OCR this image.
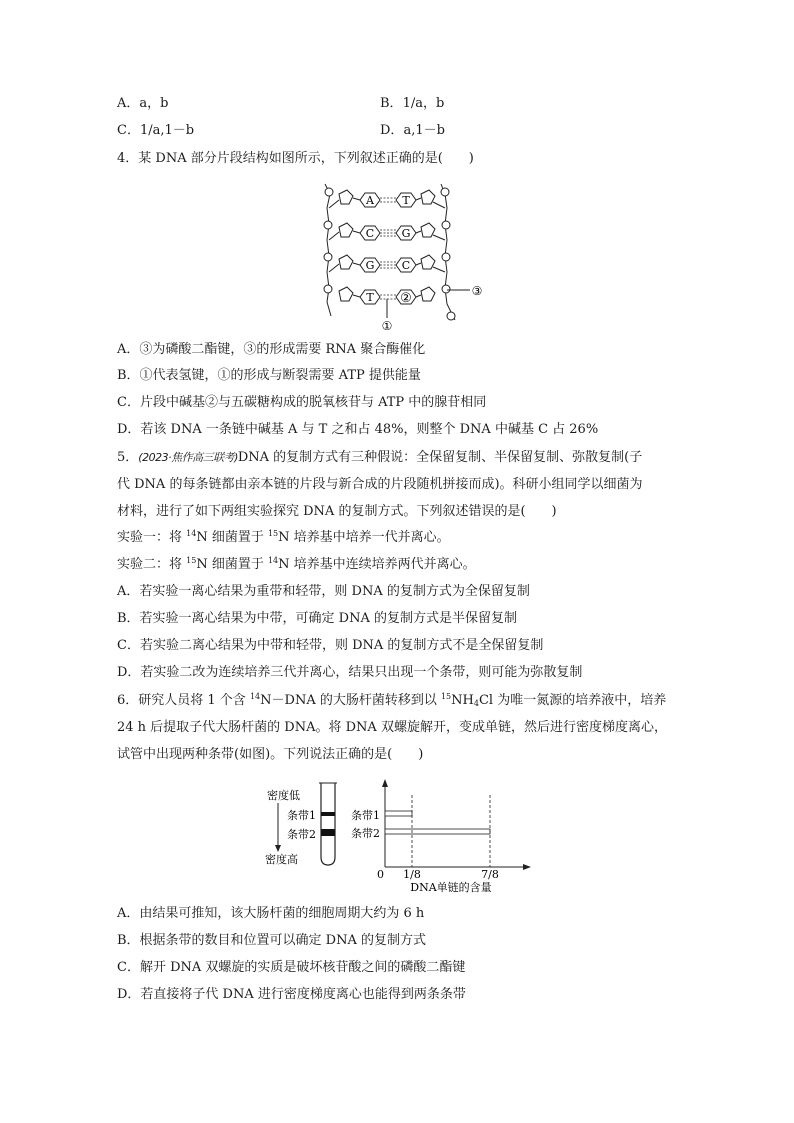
A．a，b	B．1/a，b
C．1/a,1－b	D．a,1－b
4．某 DNA 部分片段结构如图所示，下列叙述正确的是(　　)
A	T
C G
G C
T ②
①
③
A．③为磷酸二酯键，③的形成需要 RNA 聚合酶催化
B．①代表氢键，①的形成与断裂需要 ATP 提供能量
C．片段中碱基②与五碳糖构成的脱氧核苷与 ATP 中的腺苷相同
D．若该 DNA 一条链中碱基 A 与 T 之和占 48%，则整个 DNA 中碱基 C 占 26%
5．(2023·焦作高三联考)DNA 的复制方式有三种假说：全保留复制、半保留复制、弥散复制(子
代 DNA 的每条链都由亲本链的片段与新合成的片段随机拼接而成)。科研小组同学以细菌为
材料，进行了如下两组实验探究 DNA 的复制方式。下列叙述错误的是(　　)
实验一：将 $^{14}$N 细菌置于 $^{15}$N 培养基中培养一代并离心。
实验二：将 $^{15}$N 细菌置于 $^{14}$N 培养基中连续培养两代并离心。
A．若实验一离心结果为重带和轻带，则 DNA 的复制方式为全保留复制
B．若实验一离心结果为中带，可确定 DNA 的复制方式是半保留复制
C．若实验二离心结果为中带和轻带，则 DNA 的复制方式不是全保留复制
D．若实验二改为连续培养三代并离心，结果只出现一个条带，则可能为弥散复制
6．研究人员将 1 个含 $^{14}$N－DNA 的大肠杆菌转移到以 $^{15}NH_4Cl$ 为唯一氮源的培养液中，培养
24 h 后提取子代大肠杆菌的 DNA。将 DNA 双螺旋解开，变成单链，然后进行密度梯度离心，
试管中出现两种条带(如图)。下列说法正确的是(　　)
密度低
密度高
条带1
条带2
条带1
条带2
0 1/8	7/8
DNA单链的含量
A．由结果可推知，该大肠杆菌的细胞周期大约为 6 h
B．根据条带的数目和位置可以确定 DNA 的复制方式
C．解开 DNA 双螺旋的实质是破坏核苷酸之间的磷酸二酯键
D．若直接将子代 DNA 进行密度梯度离心也能得到两条条带
